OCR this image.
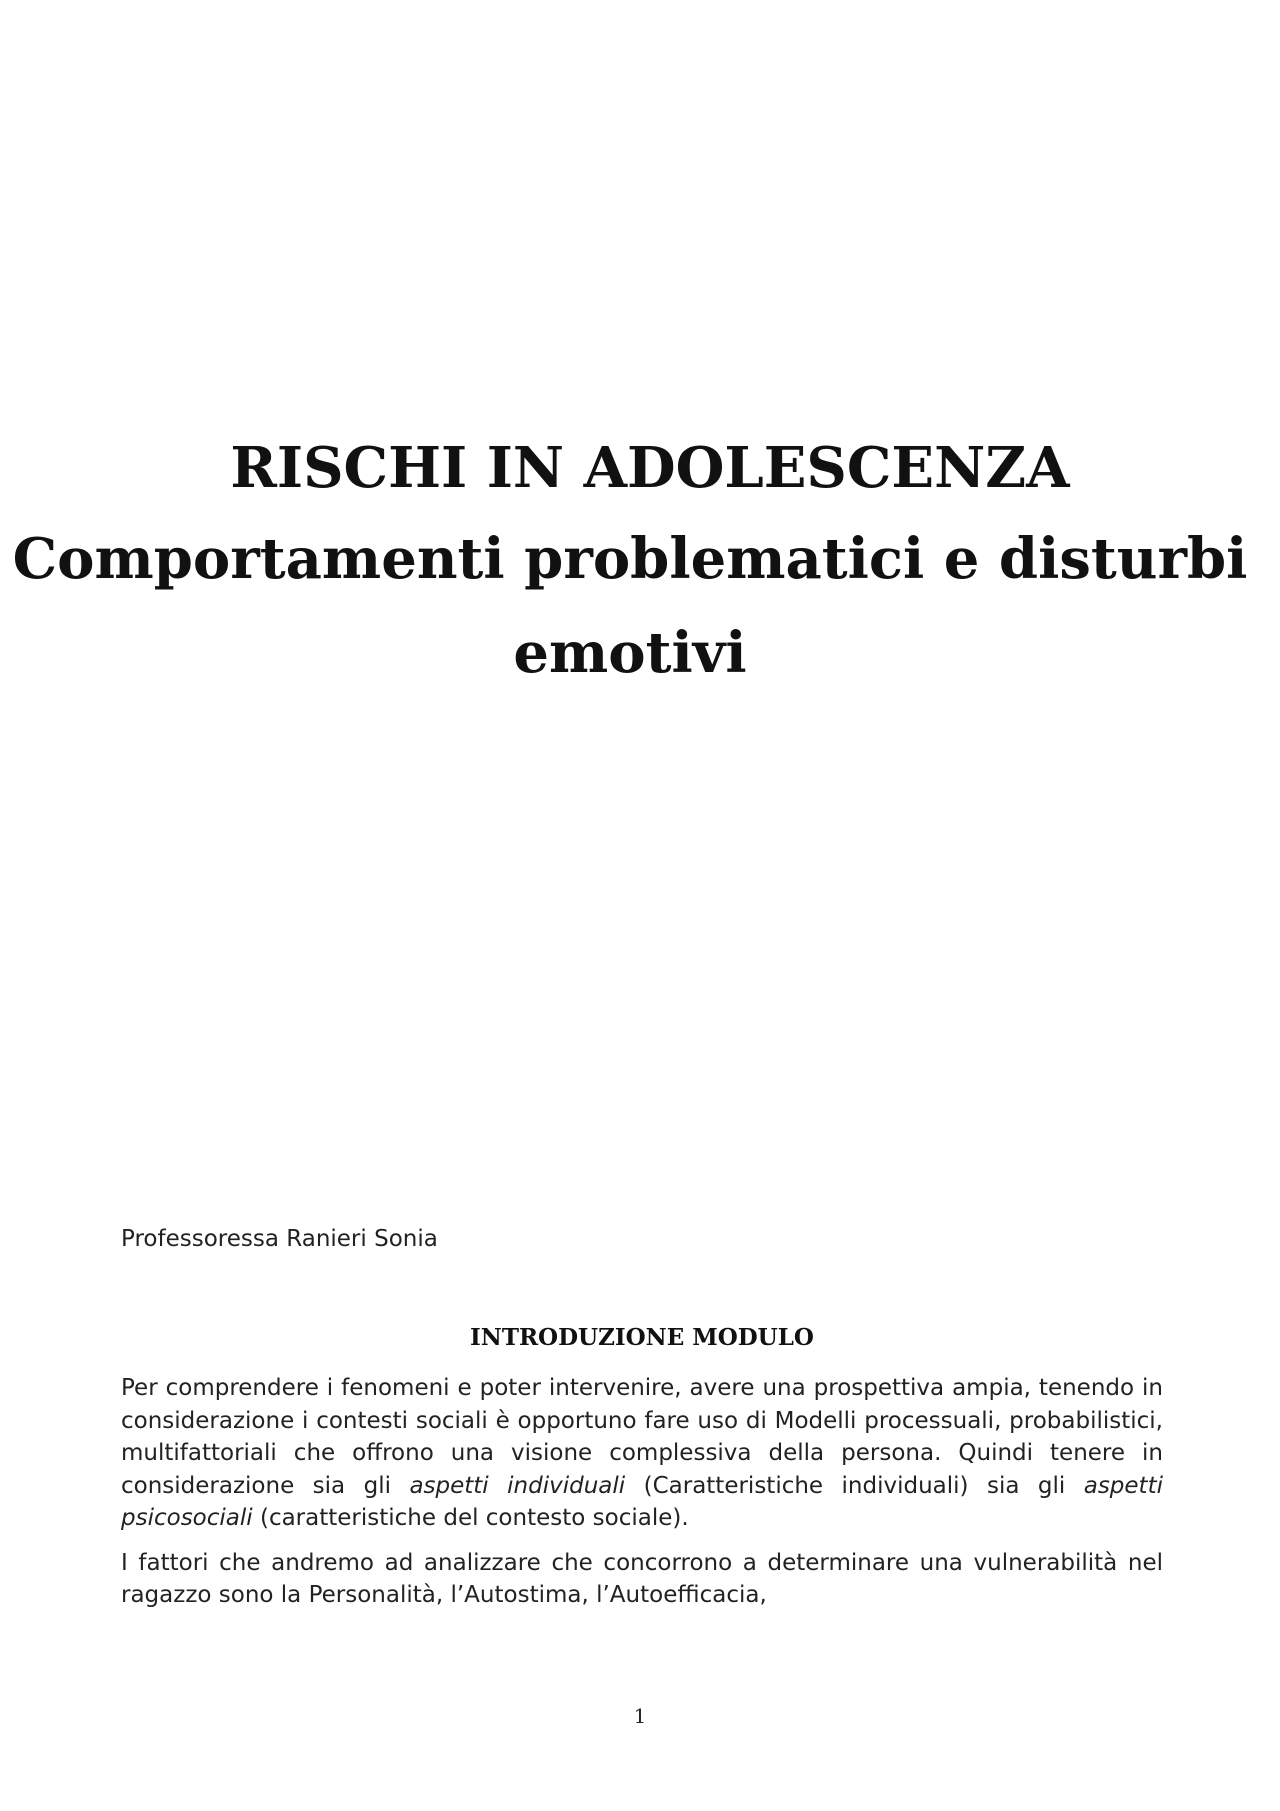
RISCHI IN ADOLESCENZA
Comportamenti problematici e disturbi emotivi

Professoressa Ranieri Sonia

INTRODUZIONE MODULO

Per comprendere i fenomeni e poter intervenire, avere una prospettiva ampia, tenendo in considerazione i contesti sociali è opportuno fare uso di Modelli processuali, probabilistici, multifattoriali che offrono una visione complessiva della persona. Quindi tenere in considerazione sia gli aspetti individuali (Caratteristiche individuali) sia gli aspetti psicosociali (caratteristiche del contesto sociale).

I fattori che andremo ad analizzare che concorrono a determinare una vulnerabilità nel ragazzo sono la Personalità, l’Autostima, l’Autoefficacia,

1
